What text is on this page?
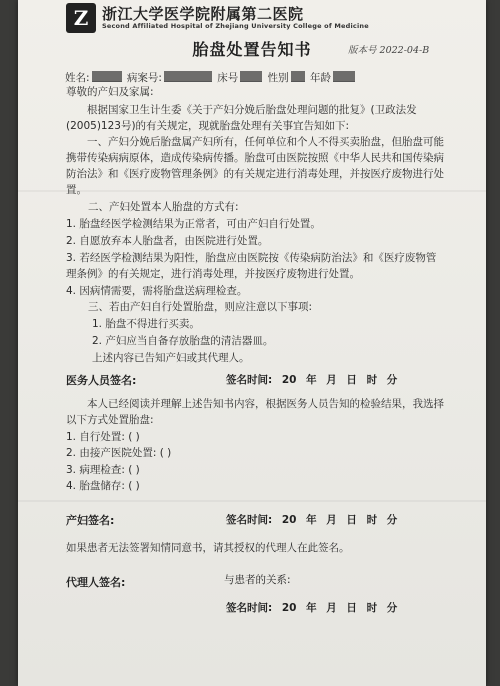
Z 浙江大学医学院附属第二医院
Second Affiliated Hospital of Zhejiang University College of Medicine
胎盘处置告知书	版本号 2022-04-B
姓名:	病案号:	床号	性别 年龄
尊敬的产妇及家属:
根据国家卫生计生委《关于产妇分娩后胎盘处理问题的批复》(卫政法发(2005)123号)的有关规定，现就胎盘处理有关事宜告知如下:
一、产妇分娩后胎盘属产妇所有，任何单位和个人不得买卖胎盘，但胎盘可能携带传染病病原体，造成传染病传播。胎盘可由医院按照《中华人民共和国传染病防治法》和《医疗废物管理条例》的有关规定进行消毒处理，并按医疗废物进行处置。
二、产妇处置本人胎盘的方式有:
1. 胎盘经医学检测结果为正常者，可由产妇自行处置。
2. 自愿放弃本人胎盘者，由医院进行处置。
3. 若经医学检测结果为阳性，胎盘应由医院按《传染病防治法》和《医疗废物管理条例》的有关规定，进行消毒处理，并按医疗废物进行处置。
4. 因病情需要，需将胎盘送病理检查。
三、若由产妇自行处置胎盘，则应注意以下事项:
1. 胎盘不得进行买卖。
2. 产妇应当自备存放胎盘的清洁器皿。
上述内容已告知产妇或其代理人。
医务人员签名:	签名时间: 20 年 月 日 时 分
本人已经阅读并理解上述告知书内容，根据医务人员告知的检验结果，我选择以下方式处置胎盘:
1. 自行处置: ( )
2. 由接产医院处置: ( )
3. 病理检查: ( )
4. 胎盘储存: ( )
产妇签名:	签名时间: 20 年 月 日 时 分
如果患者无法签署知情同意书，请其授权的代理人在此签名。
代理人签名:	与患者的关系:
签名时间: 20 年 月 日 时 分
